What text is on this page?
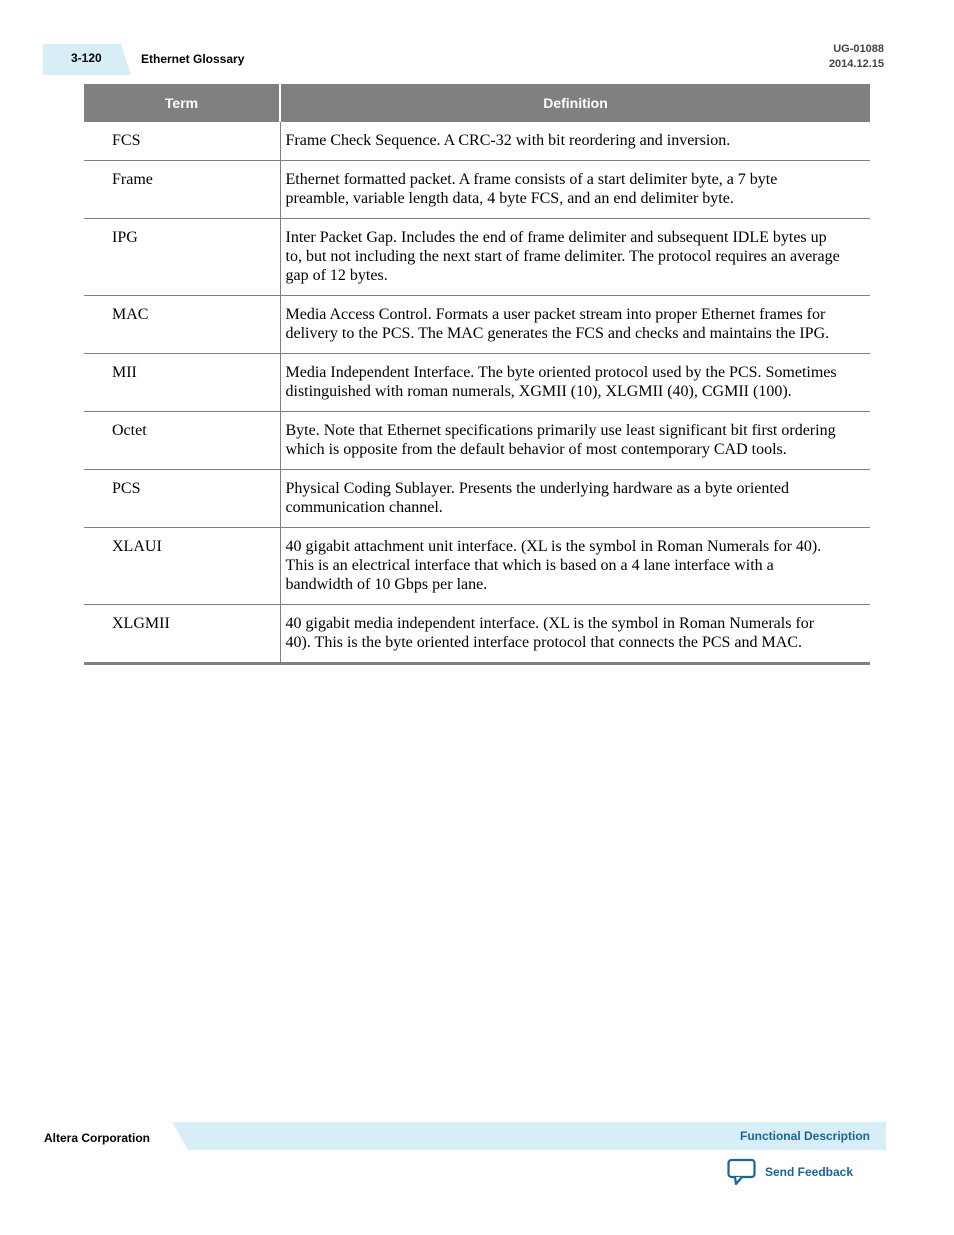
3-120	Ethernet Glossary
UG-01088
2014.12.15
Term	Definition
FCS	Frame Check Sequence. A CRC-32 with bit reordering and inversion.
Frame	Ethernet formatted packet. A frame consists of a start delimiter byte, a 7 byte preamble, variable length data, 4 byte FCS, and an end delimiter byte.
IPG	Inter Packet Gap. Includes the end of frame delimiter and subsequent IDLE bytes up to, but not including the next start of frame delimiter. The protocol requires an average gap of 12 bytes.
MAC	Media Access Control. Formats a user packet stream into proper Ethernet frames for delivery to the PCS. The MAC generates the FCS and checks and maintains the IPG.
MII	Media Independent Interface. The byte oriented protocol used by the PCS. Sometimes distinguished with roman numerals, XGMII (10), XLGMII (40), CGMII (100).
Octet	Byte. Note that Ethernet specifications primarily use least significant bit first ordering which is opposite from the default behavior of most contemporary CAD tools.
PCS	Physical Coding Sublayer. Presents the underlying hardware as a byte oriented communication channel.
XLAUI	40 gigabit attachment unit interface. (XL is the symbol in Roman Numerals for 40). This is an electrical interface that which is based on a 4 lane interface with a bandwidth of 10 Gbps per lane.
XLGMII	40 gigabit media independent interface. (XL is the symbol in Roman Numerals for 40). This is the byte oriented interface protocol that connects the PCS and MAC.
Altera Corporation	Functional Description
Send Feedback
